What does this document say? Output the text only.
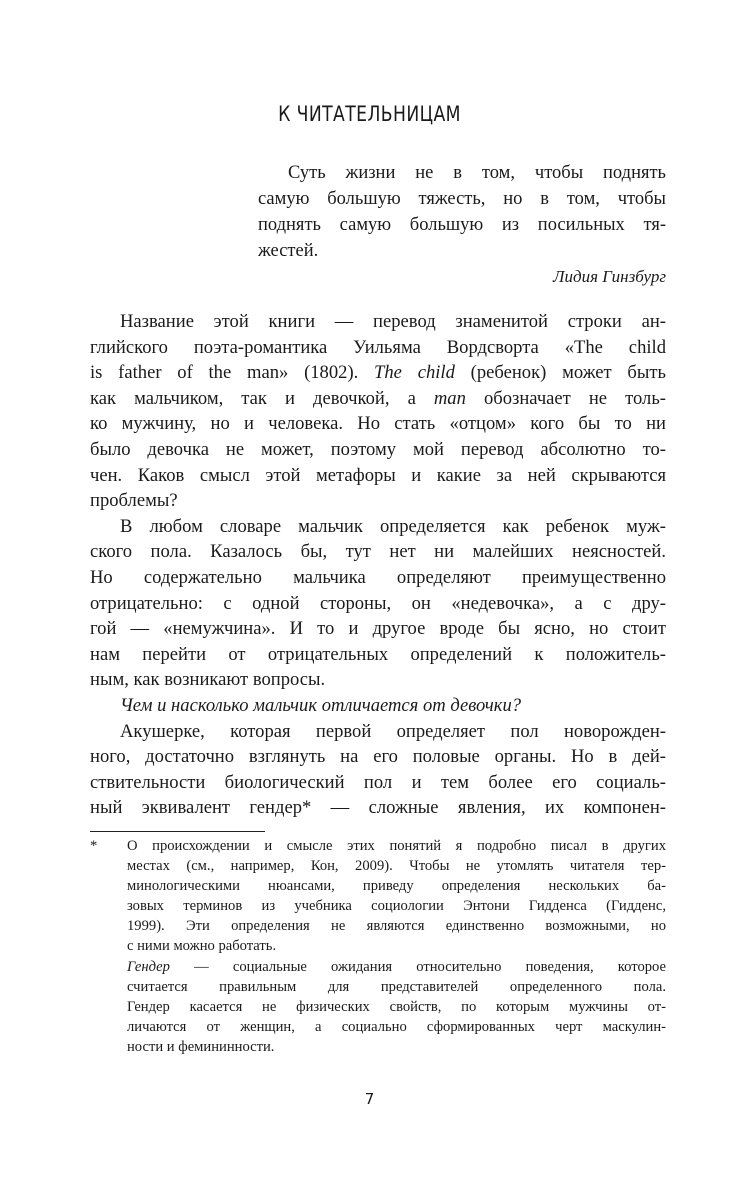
К ЧИТАТЕЛЬНИЦАМ
Суть жизни не в том, чтобы поднять
самую большую тяжесть, но в том, чтобы
поднять самую большую из посильных тя-
жестей.
Лидия Гинзбург
Название этой книги — перевод знаменитой строки ан-
глийского поэта-романтика Уильяма Вордсворта «The child
is father of the man» (1802). The child (ребенок) может быть
как мальчиком, так и девочкой, а man обозначает не толь-
ко мужчину, но и человека. Но стать «отцом» кого бы то ни
было девочка не может, поэтому мой перевод абсолютно то-
чен. Каков смысл этой метафоры и какие за ней скрываются
проблемы?
В любом словаре мальчик определяется как ребенок муж-
ского пола. Казалось бы, тут нет ни малейших неясностей.
Но содержательно мальчика определяют преимущественно
отрицательно: с одной стороны, он «недевочка», а с дру-
гой — «немужчина». И то и другое вроде бы ясно, но стоит
нам перейти от отрицательных определений к положитель-
ным, как возникают вопросы.
Чем и насколько мальчик отличается от девочки?
Акушерке, которая первой определяет пол новорожден-
ного, достаточно взглянуть на его половые органы. Но в дей-
ствительности биологический пол и тем более его социаль-
ный эквивалент гендер* — сложные явления, их компонен-
* О происхождении и смысле этих понятий я подробно писал в других
местах (см., например, Кон, 2009). Чтобы не утомлять читателя тер-
минологическими нюансами, приведу определения нескольких ба-
зовых терминов из учебника социологии Энтони Гидденса (Гидденс,
1999). Эти определения не являются единственно возможными, но
с ними можно работать.
Гендер — социальные ожидания относительно поведения, которое
считается правильным для представителей определенного пола.
Гендер касается не физических свойств, по которым мужчины от-
личаются от женщин, а социально сформированных черт маскулин-
ности и фемининности.
7
